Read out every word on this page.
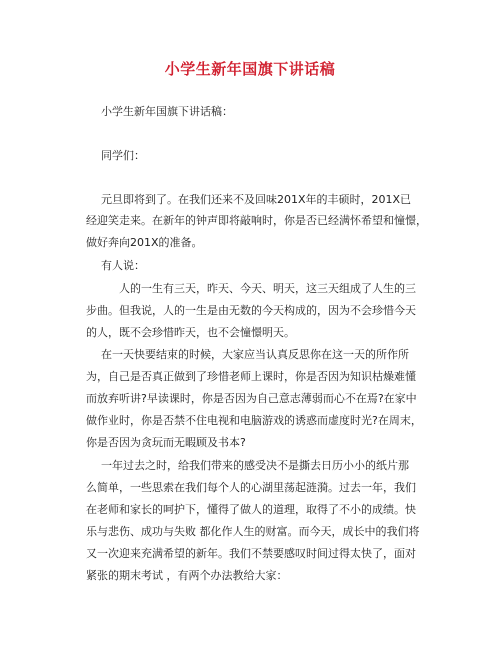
小学生新年国旗下讲话稿
小学生新年国旗下讲话稿：
同学们：
元旦即将到了。在我们还来不及回味201X年的丰硕时，201X已
经迎笑走来。在新年的钟声即将敲响时，你是否已经满怀希望和憧憬，
做好奔向201X的准备。
有人说：
人的一生有三天，昨天、今天、明天，这三天组成了人生的三
步曲。但我说，人的一生是由无数的今天构成的，因为不会珍惜今天
的人，既不会珍惜昨天，也不会憧憬明天。
在一天快要结束的时候，大家应当认真反思你在这一天的所作所
为，自己是否真正做到了珍惜老师上课时，你是否因为知识枯燥难懂
而放弃听讲?早读课时，你是否因为自己意志薄弱而心不在焉?在家中
做作业时，你是否禁不住电视和电脑游戏的诱惑而虚度时光?在周末，
你是否因为贪玩而无暇顾及书本?
一年过去之时，给我们带来的感受决不是撕去日历小小的纸片那
么简单，一些思索在我们每个人的心湖里荡起涟漪。过去一年，我们
在老师和家长的呵护下，懂得了做人的道理，取得了不小的成绩。快
乐与悲伤、成功与失败 都化作人生的财富。而今天，成长中的我们将
又一次迎来充满希望的新年。我们不禁要感叹时间过得太快了，面对
紧张的期末考试 ，有两个办法教给大家：
